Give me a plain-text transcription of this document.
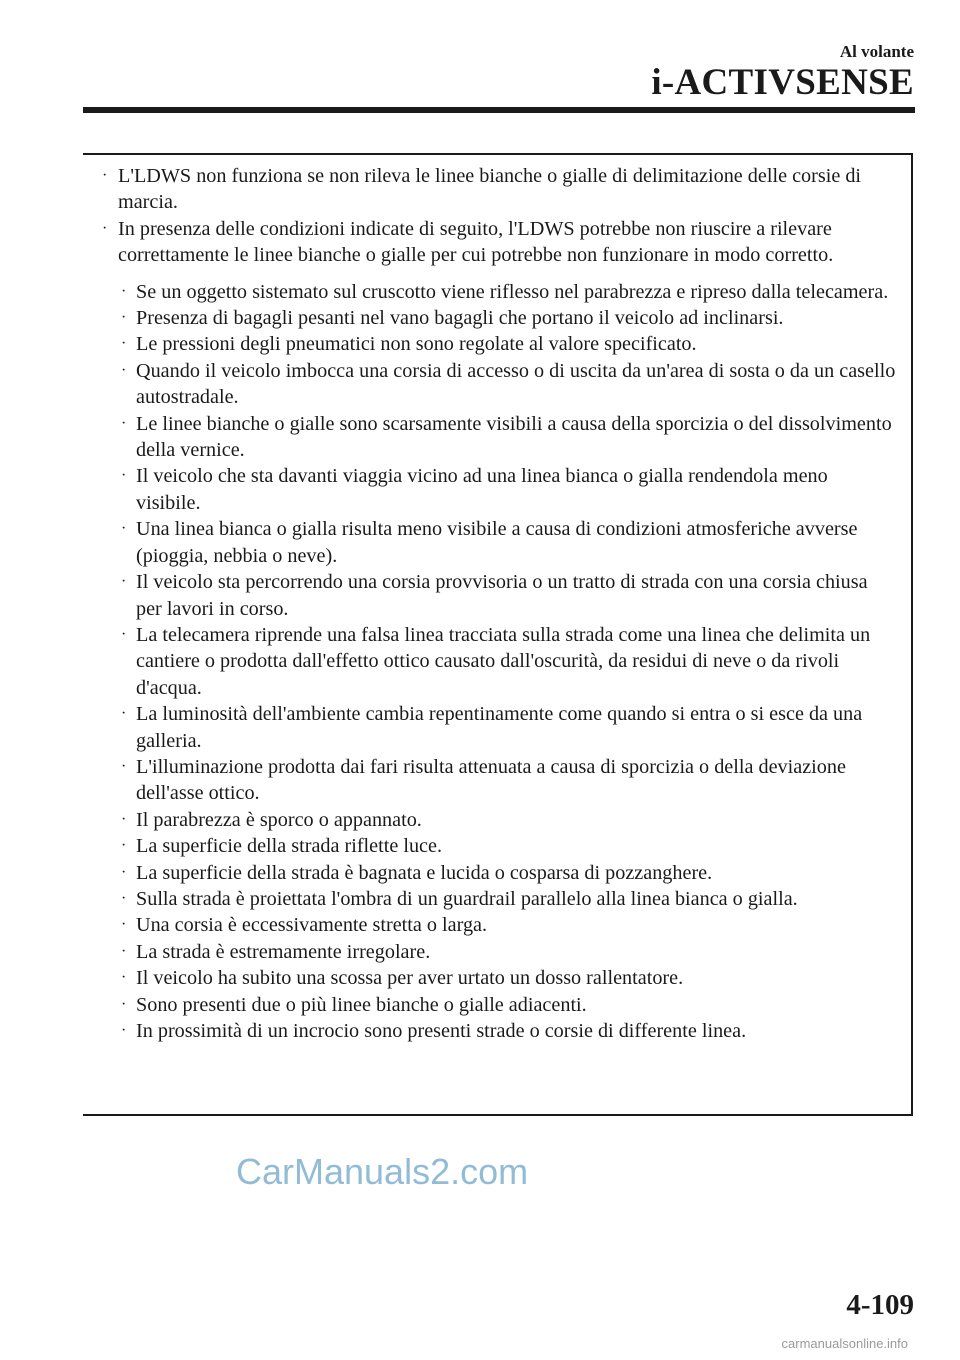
Al volante
i-ACTIVSENSE
· L'LDWS non funziona se non rileva le linee bianche o gialle di delimitazione delle corsie di marcia.
· In presenza delle condizioni indicate di seguito, l'LDWS potrebbe non riuscire a rilevare correttamente le linee bianche o gialle per cui potrebbe non funzionare in modo corretto.
· Se un oggetto sistemato sul cruscotto viene riflesso nel parabrezza e ripreso dalla telecamera.
· Presenza di bagagli pesanti nel vano bagagli che portano il veicolo ad inclinarsi.
· Le pressioni degli pneumatici non sono regolate al valore specificato.
· Quando il veicolo imbocca una corsia di accesso o di uscita da un'area di sosta o da un casello autostradale.
· Le linee bianche o gialle sono scarsamente visibili a causa della sporcizia o del dissolvimento della vernice.
· Il veicolo che sta davanti viaggia vicino ad una linea bianca o gialla rendendola meno visibile.
· Una linea bianca o gialla risulta meno visibile a causa di condizioni atmosferiche avverse (pioggia, nebbia o neve).
· Il veicolo sta percorrendo una corsia provvisoria o un tratto di strada con una corsia chiusa per lavori in corso.
· La telecamera riprende una falsa linea tracciata sulla strada come una linea che delimita un cantiere o prodotta dall'effetto ottico causato dall'oscurità, da residui di neve o da rivoli d'acqua.
· La luminosità dell'ambiente cambia repentinamente come quando si entra o si esce da una galleria.
· L'illuminazione prodotta dai fari risulta attenuata a causa di sporcizia o della deviazione dell'asse ottico.
· Il parabrezza è sporco o appannato.
· La superficie della strada riflette luce.
· La superficie della strada è bagnata e lucida o cosparsa di pozzanghere.
· Sulla strada è proiettata l'ombra di un guardrail parallelo alla linea bianca o gialla.
· Una corsia è eccessivamente stretta o larga.
· La strada è estremamente irregolare.
· Il veicolo ha subito una scossa per aver urtato un dosso rallentatore.
· Sono presenti due o più linee bianche o gialle adiacenti.
· In prossimità di un incrocio sono presenti strade o corsie di differente linea.
CarManuals2.com
4-109
carmanualsonline.info
